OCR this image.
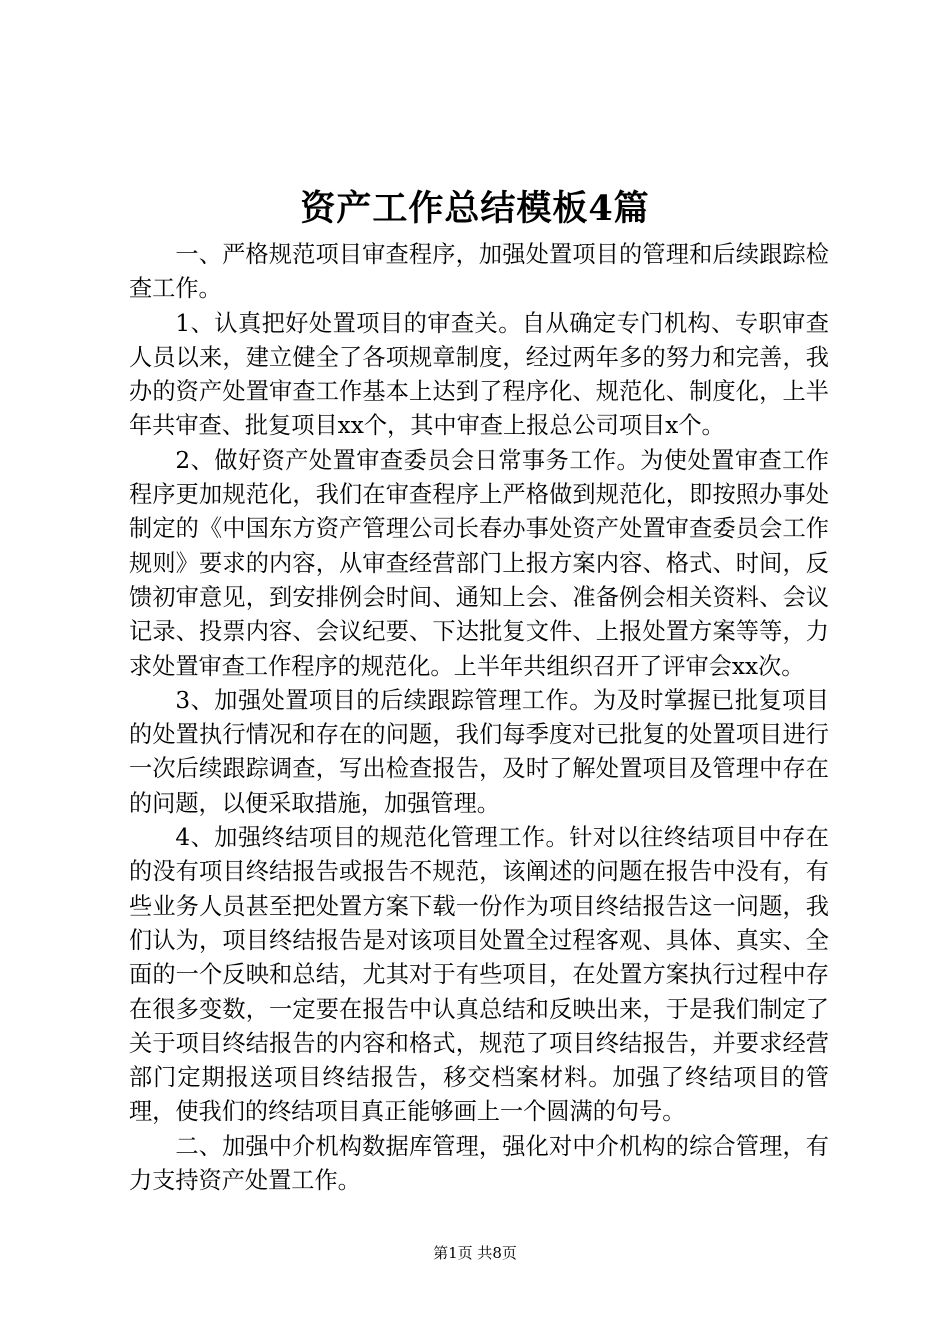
资产工作总结模板4篇

一、严格规范项目审查程序，加强处置项目的管理和后续跟踪检查工作。

1、认真把好处置项目的审查关。自从确定专门机构、专职审查人员以来，建立健全了各项规章制度，经过两年多的努力和完善，我办的资产处置审查工作基本上达到了程序化、规范化、制度化，上半年共审查、批复项目xx个，其中审查上报总公司项目x个。

2、做好资产处置审查委员会日常事务工作。为使处置审查工作程序更加规范化，我们在审查程序上严格做到规范化，即按照办事处制定的《中国东方资产管理公司长春办事处资产处置审查委员会工作规则》要求的内容，从审查经营部门上报方案内容、格式、时间，反馈初审意见，到安排例会时间、通知上会、准备例会相关资料、会议记录、投票内容、会议纪要、下达批复文件、上报处置方案等等，力求处置审查工作程序的规范化。上半年共组织召开了评审会xx次。

3、加强处置项目的后续跟踪管理工作。为及时掌握已批复项目的处置执行情况和存在的问题，我们每季度对已批复的处置项目进行一次后续跟踪调查，写出检查报告，及时了解处置项目及管理中存在的问题，以便采取措施，加强管理。

4、加强终结项目的规范化管理工作。针对以往终结项目中存在的没有项目终结报告或报告不规范，该阐述的问题在报告中没有，有些业务人员甚至把处置方案下载一份作为项目终结报告这一问题，我们认为，项目终结报告是对该项目处置全过程客观、具体、真实、全面的一个反映和总结，尤其对于有些项目，在处置方案执行过程中存在很多变数，一定要在报告中认真总结和反映出来，于是我们制定了关于项目终结报告的内容和格式，规范了项目终结报告，并要求经营部门定期报送项目终结报告，移交档案材料。加强了终结项目的管理，使我们的终结项目真正能够画上一个圆满的句号。

二、加强中介机构数据库管理，强化对中介机构的综合管理，有力支持资产处置工作。

第1页 共8页
